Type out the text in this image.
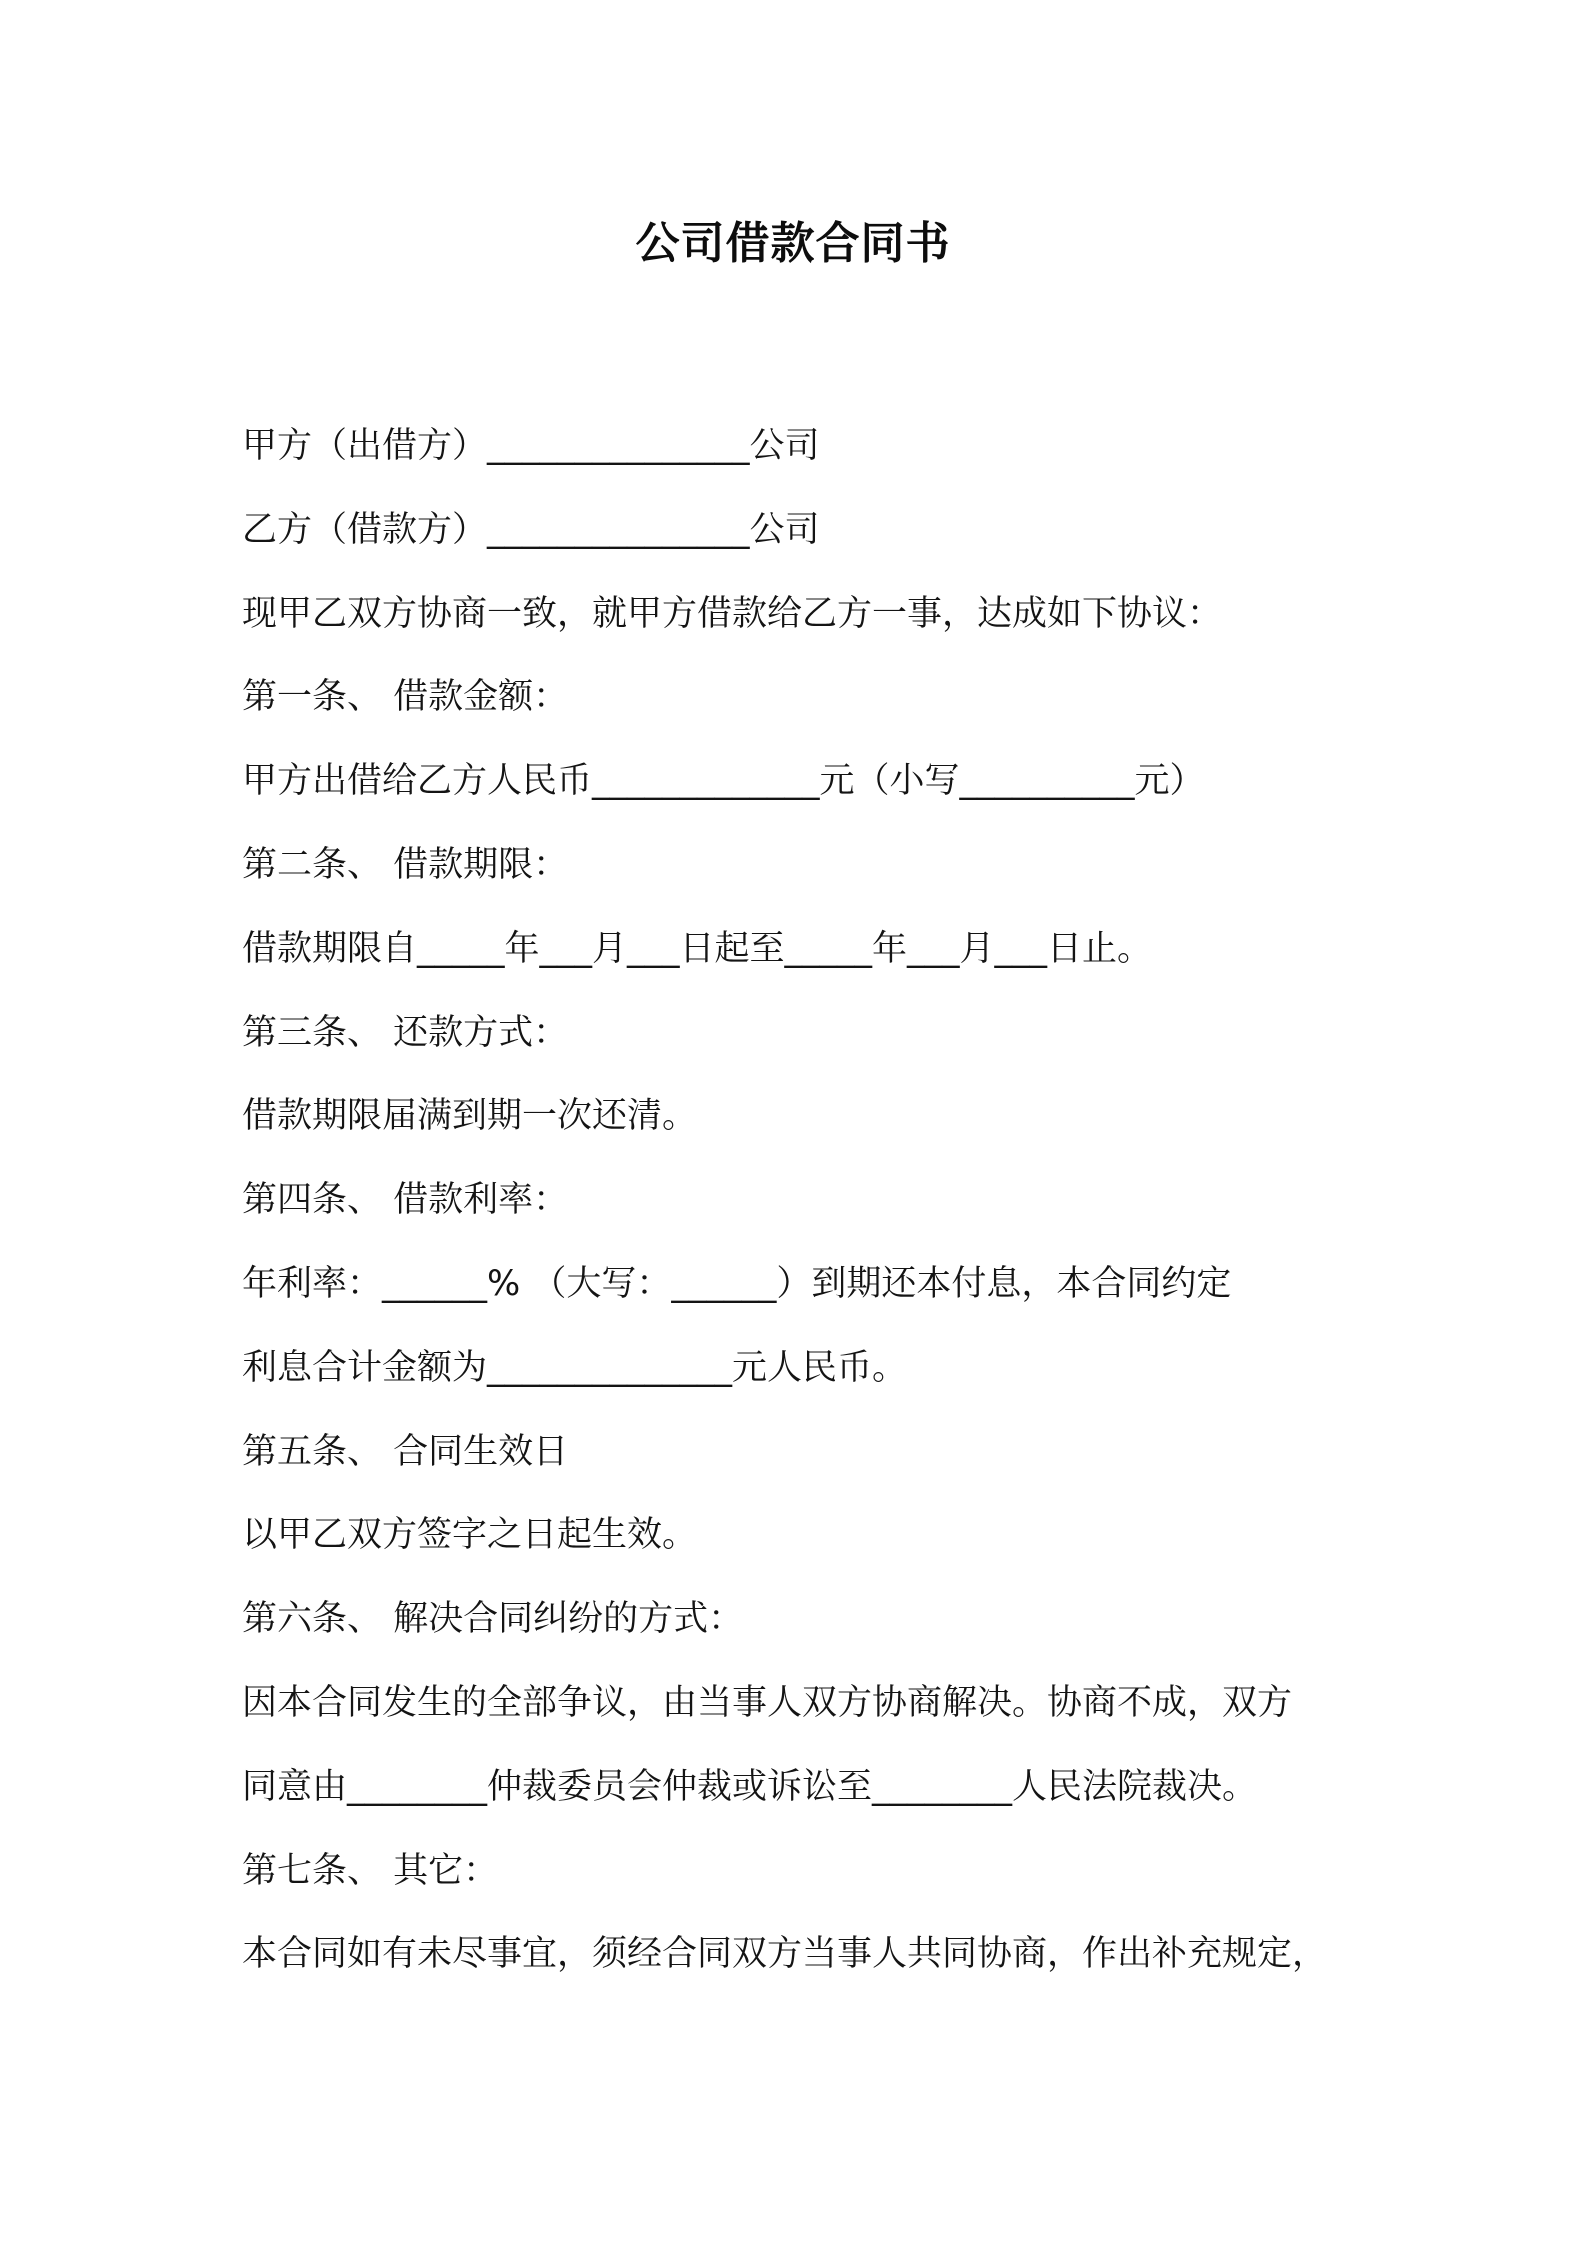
公司借款合同书

甲方（出借方）_______________公司

乙方（借款方）_______________公司

现甲乙双方协商一致，就甲方借款给乙方一事，达成如下协议：

第一条、 借款金额：

甲方出借给乙方人民币_____________元（小写__________元）

第二条、 借款期限：

借款期限自_____年___月___日起至_____年___月___日止。

第三条、 还款方式：

借款期限届满到期一次还清。

第四条、 借款利率：

年利率：______% （大写：______）到期还本付息，本合同约定

利息合计金额为______________元人民币。

第五条、 合同生效日

以甲乙双方签字之日起生效。

第六条、 解决合同纠纷的方式：

因本合同发生的全部争议，由当事人双方协商解决。协商不成，双方

同意由________仲裁委员会仲裁或诉讼至________人民法院裁决。

第七条、 其它：

本合同如有未尽事宜，须经合同双方当事人共同协商，作出补充规定，
